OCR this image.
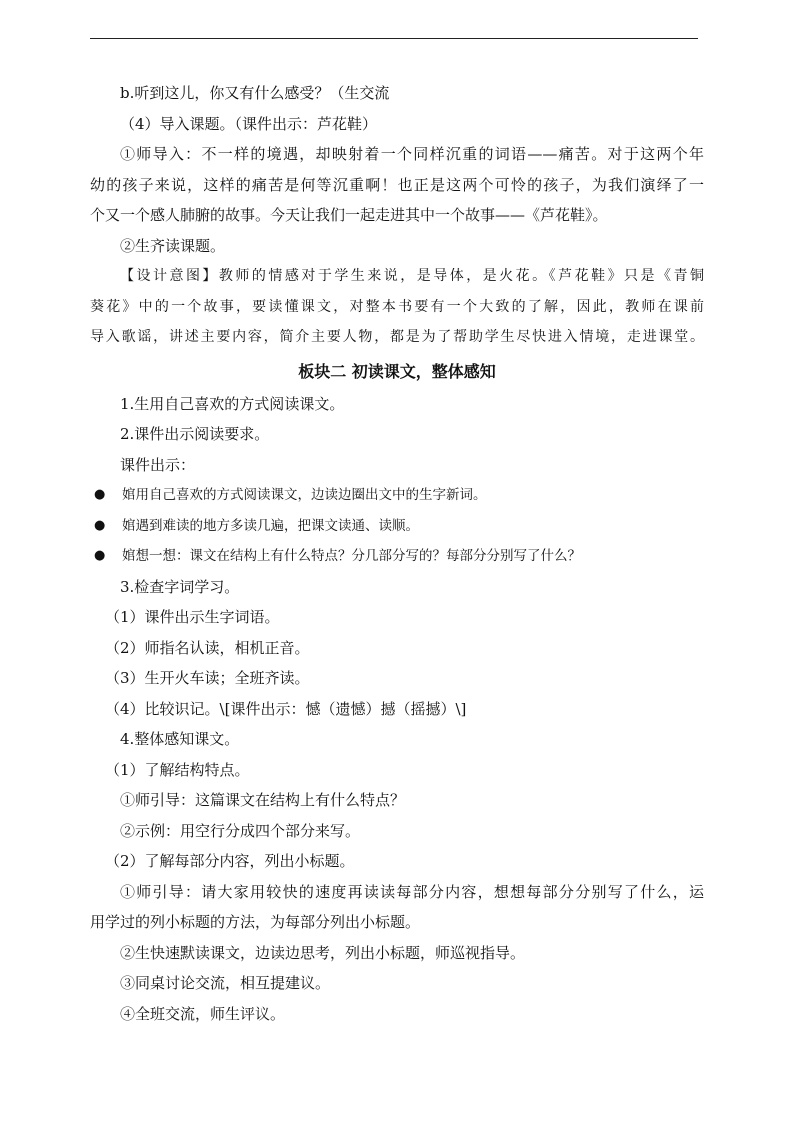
b.听到这儿，你又有什么感受？（生交流
（4）导入课题。（课件出示：芦花鞋）
①师导入：不一样的境遇，却映射着一个同样沉重的词语——痛苦。对于这两个年
幼的孩子来说，这样的痛苦是何等沉重啊！也正是这两个可怜的孩子，为我们演绎了一
个又一个感人肺腑的故事。今天让我们一起走进其中一个故事——《芦花鞋》。
②生齐读课题。
【设计意图】教师的情感对于学生来说，是导体，是火花。《芦花鞋》只是《青铜
葵花》中的一个故事，要读懂课文，对整本书要有一个大致的了解，因此，教师在课前
导入歌谣，讲述主要内容，简介主要人物，都是为了帮助学生尽快进入情境，走进课堂。
板块二 初读课文，整体感知
1.生用自己喜欢的方式阅读课文。
2.课件出示阅读要求。
课件出示：
● 婠用自己喜欢的方式阅读课文，边读边圈出文中的生字新词。
● 婠遇到难读的地方多读几遍，把课文读通、读顺。
● 婠想一想：课文在结构上有什么特点？分几部分写的？每部分分别写了什么？
3.检查字词学习。
（1）课件出示生字词语。
（2）师指名认读，相机正音。
（3）生开火车读；全班齐读。
（4）比较识记。\[课件出示：憾（遗憾）撼（摇撼）\]
4.整体感知课文。
（1）了解结构特点。
①师引导：这篇课文在结构上有什么特点？
②示例：用空行分成四个部分来写。
（2）了解每部分内容，列出小标题。
①师引导：请大家用较快的速度再读读每部分内容，想想每部分分别写了什么，运
用学过的列小标题的方法，为每部分列出小标题。
②生快速默读课文，边读边思考，列出小标题，师巡视指导。
③同桌讨论交流，相互提建议。
④全班交流，师生评议。
